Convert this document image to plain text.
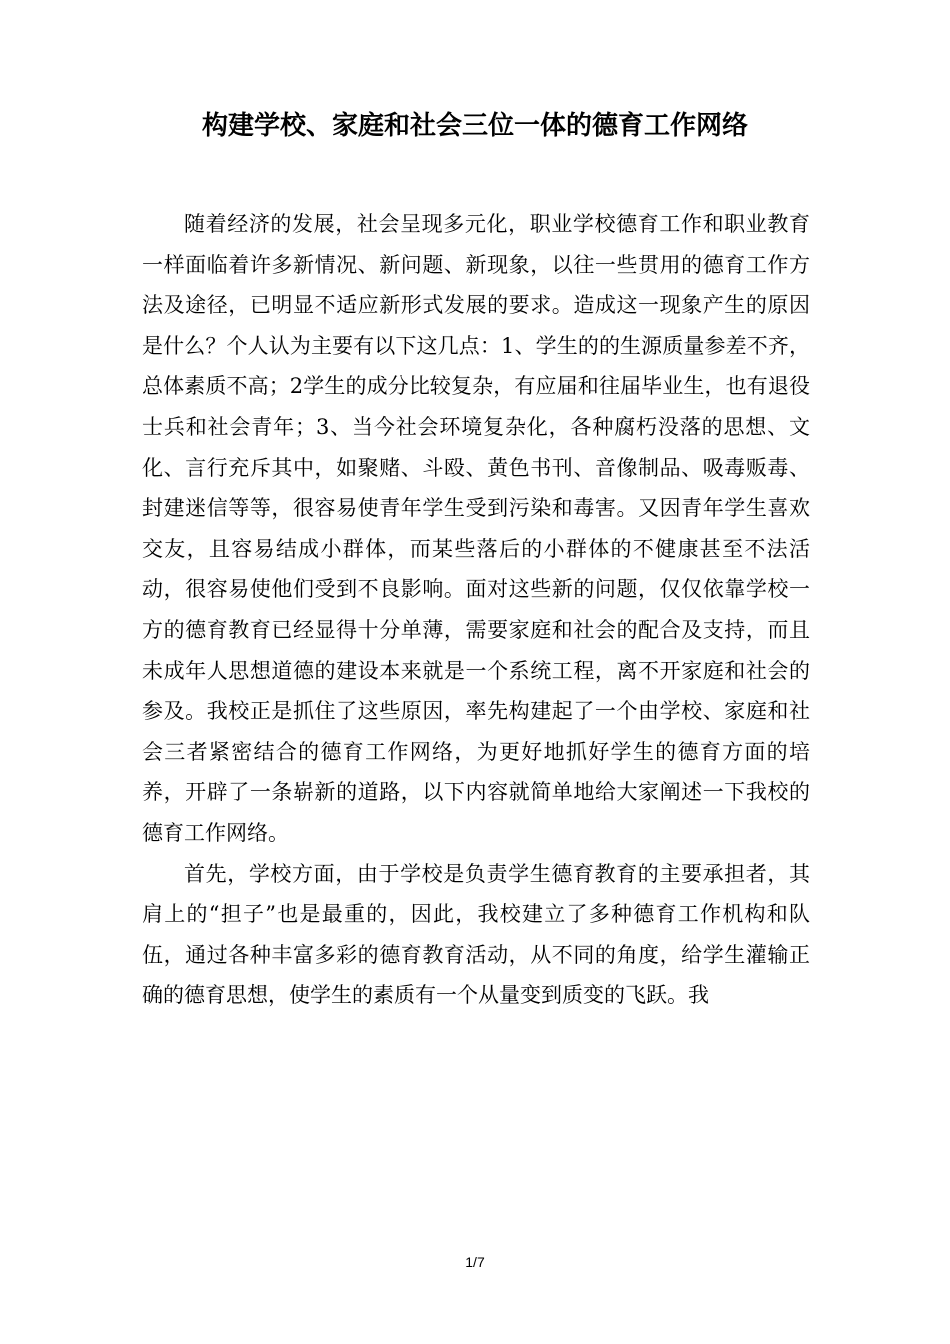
构建学校、家庭和社会三位一体的德育工作网络

随着经济的发展，社会呈现多元化，职业学校德育工作和职业教育一样面临着许多新情况、新问题、新现象，以往一些贯用的德育工作方法及途径，已明显不适应新形式发展的要求。造成这一现象产生的原因是什么？个人认为主要有以下这几点：1、学生的的生源质量参差不齐，总体素质不高；2学生的成分比较复杂，有应届和往届毕业生，也有退役士兵和社会青年；3、当今社会环境复杂化，各种腐朽没落的思想、文化、言行充斥其中，如聚赌、斗殴、黄色书刊、音像制品、吸毒贩毒、封建迷信等等，很容易使青年学生受到污染和毒害。又因青年学生喜欢交友，且容易结成小群体，而某些落后的小群体的不健康甚至不法活动，很容易使他们受到不良影响。面对这些新的问题，仅仅依靠学校一方的德育教育已经显得十分单薄，需要家庭和社会的配合及支持，而且未成年人思想道德的建设本来就是一个系统工程，离不开家庭和社会的参及。我校正是抓住了这些原因，率先构建起了一个由学校、家庭和社会三者紧密结合的德育工作网络，为更好地抓好学生的德育方面的培养，开辟了一条崭新的道路，以下内容就简单地给大家阐述一下我校的德育工作网络。

首先，学校方面，由于学校是负责学生德育教育的主要承担者，其肩上的“担子”也是最重的，因此，我校建立了多种德育工作机构和队伍，通过各种丰富多彩的德育教育活动，从不同的角度，给学生灌输正确的德育思想，使学生的素质有一个从量变到质变的飞跃。我

1/7
